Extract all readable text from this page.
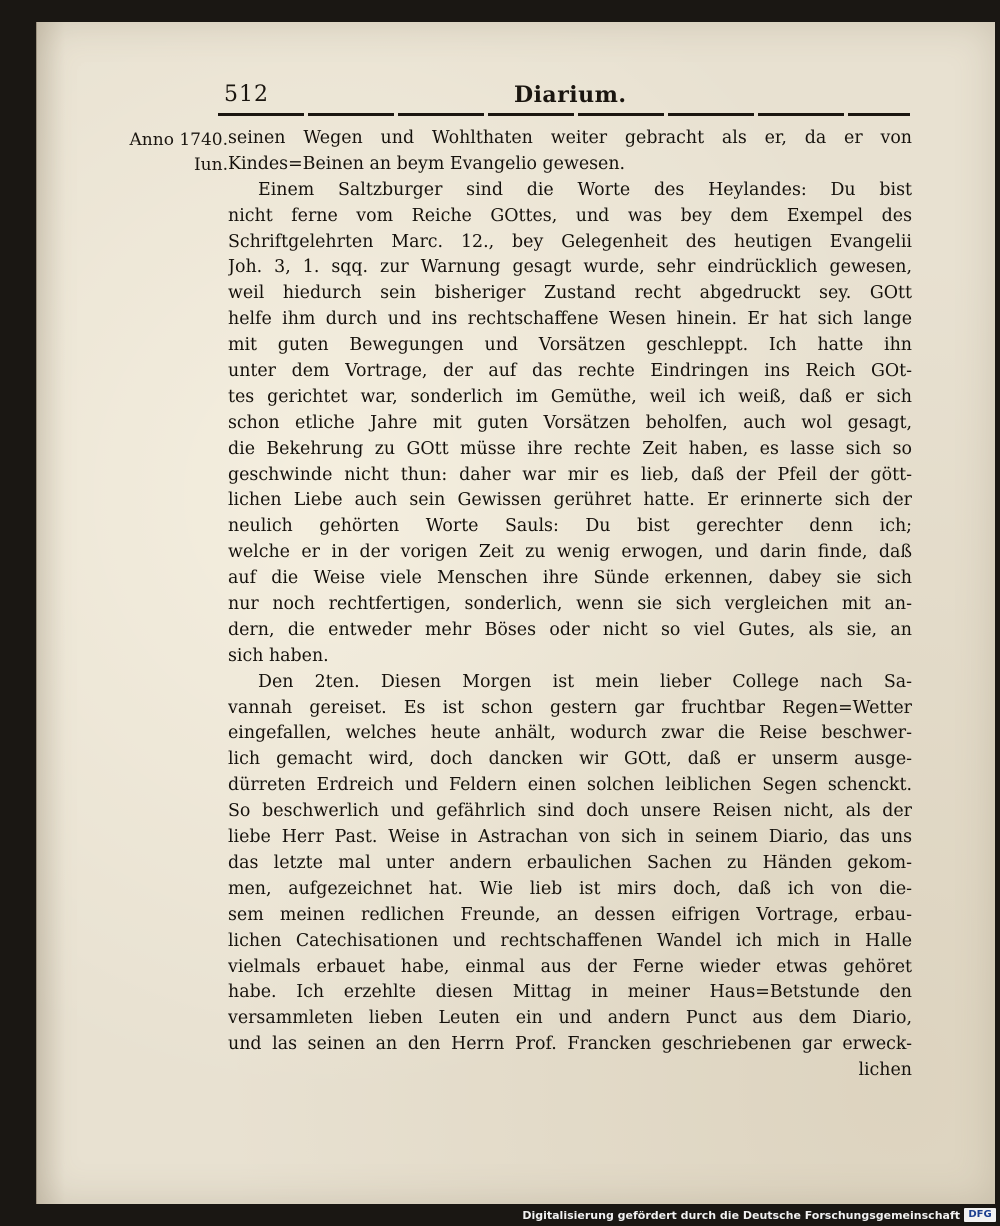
512	Diarium.
Anno 1740.
Iun.
seinen Wegen und Wohlthaten weiter gebracht als er, da er von
Kindes=Beinen an beym Evangelio gewesen.
Einem Saltzburger sind die Worte des Heylandes: Du bist
nicht ferne vom Reiche GOttes, und was bey dem Exempel des
Schriftgelehrten Marc. 12., bey Gelegenheit des heutigen Evangelii
Joh. 3, 1. sqq. zur Warnung gesagt wurde, sehr eindrücklich gewesen,
weil hiedurch sein bisheriger Zustand recht abgedruckt sey. GOtt
helfe ihm durch und ins rechtschaffene Wesen hinein. Er hat sich lange
mit guten Bewegungen und Vorsätzen geschleppt. Ich hatte ihn
unter dem Vortrage, der auf das rechte Eindringen ins Reich GOt-
tes gerichtet war, sonderlich im Gemüthe, weil ich weiß, daß er sich
schon etliche Jahre mit guten Vorsätzen beholfen, auch wol gesagt,
die Bekehrung zu GOtt müsse ihre rechte Zeit haben, es lasse sich so
geschwinde nicht thun: daher war mir es lieb, daß der Pfeil der gött-
lichen Liebe auch sein Gewissen gerühret hatte. Er erinnerte sich der
neulich gehörten Worte Sauls: Du bist gerechter denn ich;
welche er in der vorigen Zeit zu wenig erwogen, und darin finde, daß
auf die Weise viele Menschen ihre Sünde erkennen, dabey sie sich
nur noch rechtfertigen, sonderlich, wenn sie sich vergleichen mit an-
dern, die entweder mehr Böses oder nicht so viel Gutes, als sie, an
sich haben.
Den 2ten. Diesen Morgen ist mein lieber College nach Sa-
vannah gereiset. Es ist schon gestern gar fruchtbar Regen=Wetter
eingefallen, welches heute anhält, wodurch zwar die Reise beschwer-
lich gemacht wird, doch dancken wir GOtt, daß er unserm ausge-
dürreten Erdreich und Feldern einen solchen leiblichen Segen schenckt.
So beschwerlich und gefährlich sind doch unsere Reisen nicht, als der
liebe Herr Past. Weise in Astrachan von sich in seinem Diario, das uns
das letzte mal unter andern erbaulichen Sachen zu Händen gekom-
men, aufgezeichnet hat. Wie lieb ist mirs doch, daß ich von die-
sem meinen redlichen Freunde, an dessen eifrigen Vortrage, erbau-
lichen Catechisationen und rechtschaffenen Wandel ich mich in Halle
vielmals erbauet habe, einmal aus der Ferne wieder etwas gehöret
habe. Ich erzehlte diesen Mittag in meiner Haus=Betstunde den
versammleten lieben Leuten ein und andern Punct aus dem Diario,
und las seinen an den Herrn Prof. Francken geschriebenen gar erweck-
lichen
Digitalisierung gefördert durch die Deutsche Forschungsgemeinschaft DFG
